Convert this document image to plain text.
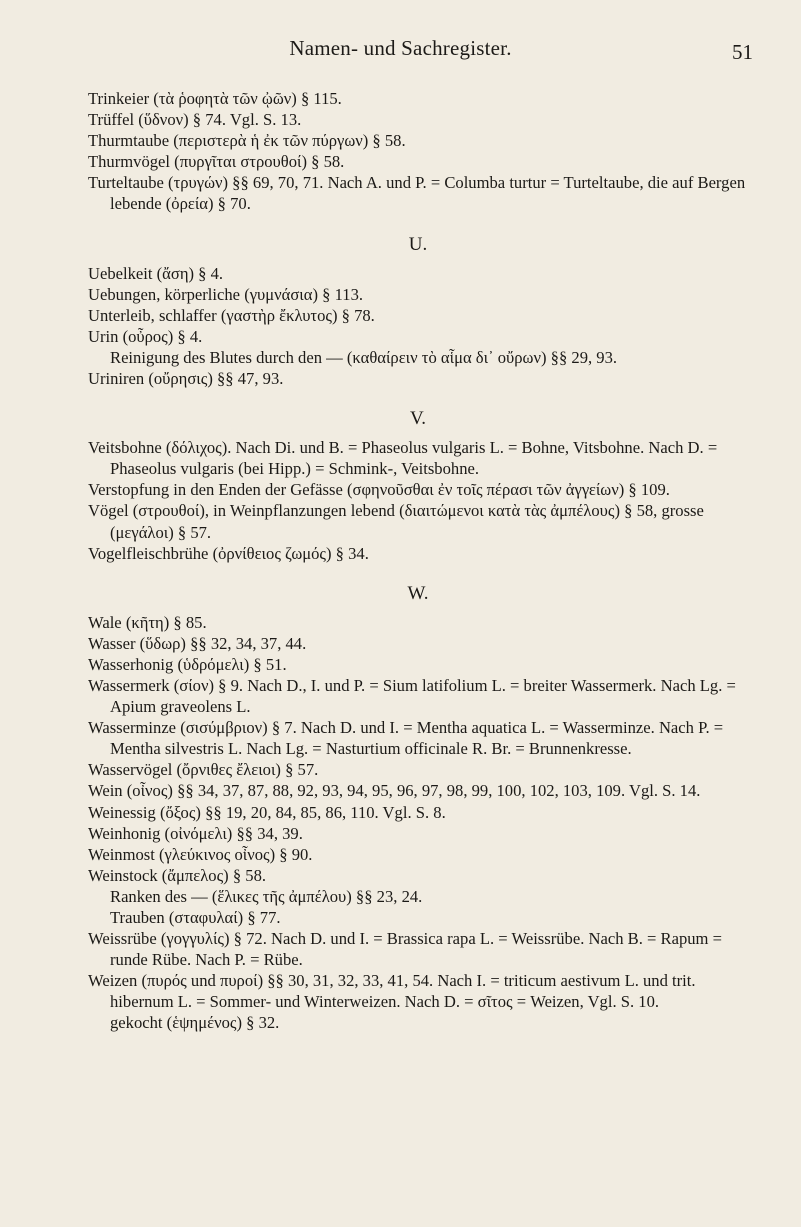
Namen- und Sachregister.	51

Trinkeier (τὰ ῥοφητὰ τῶν ᾠῶν) § 115.

Trüffel (ὕδνον) § 74. Vgl. S. 13.

Thurmtaube (περιστερὰ ἡ ἐκ τῶν πύργων) § 58.

Thurmvögel (πυργῖται στρουθοί) § 58.

Turteltaube (τρυγών) §§ 69, 70, 71. Nach A. und P. = Columba turtur = Turteltaube, die auf Bergen lebende (ὀρεία) § 70.

U.

Uebelkeit (ἄση) § 4.

Uebungen, körperliche (γυμνάσια) § 113.

Unterleib, schlaffer (γαστὴρ ἔκλυτος) § 78.

Urin (οὖρος) § 4.

Reinigung des Blutes durch den — (καθαίρειν τὸ αἷμα δι᾽ οὔρων) §§ 29, 93.

Uriniren (οὔρησις) §§ 47, 93.

V.

Veitsbohne (δόλιχος). Nach Di. und B. = Phaseolus vulgaris L. = Bohne, Vitsbohne. Nach D. = Phaseolus vulgaris (bei Hipp.) = Schmink-, Veitsbohne.

Verstopfung in den Enden der Gefässe (σφηνοῦσθαι ἐν τοῖς πέρασι τῶν ἀγγείων) § 109.

Vögel (στρουθοί), in Weinpflanzungen lebend (διαιτώμενοι κατὰ τὰς ἀμπέλους) § 58, grosse (μεγάλοι) § 57.

Vogelfleischbrühe (ὀρνίθειος ζωμός) § 34.

W.

Wale (κῆτη) § 85.

Wasser (ὕδωρ) §§ 32, 34, 37, 44.

Wasserhonig (ὑδρόμελι) § 51.

Wassermerk (σίον) § 9. Nach D., I. und P. = Sium latifolium L. = breiter Wassermerk. Nach Lg. = Apium graveolens L.

Wasserminze (σισύμβριον) § 7. Nach D. und I. = Mentha aquatica L. = Wasserminze. Nach P. = Mentha silvestris L. Nach Lg. = Nasturtium officinale R. Br. = Brunnenkresse.

Wasservögel (ὄρνιθες ἔλειοι) § 57.

Wein (οἶνος) §§ 34, 37, 87, 88, 92, 93, 94, 95, 96, 97, 98, 99, 100, 102, 103, 109. Vgl. S. 14.

Weinessig (ὄξος) §§ 19, 20, 84, 85, 86, 110. Vgl. S. 8.

Weinhonig (οἰνόμελι) §§ 34, 39.

Weinmost (γλεύκινος οἶνος) § 90.

Weinstock (ἄμπελος) § 58.

Ranken des — (ἕλικες τῆς ἀμπέλου) §§ 23, 24.

Trauben (σταφυλαί) § 77.

Weissrübe (γογγυλίς) § 72. Nach D. und I. = Brassica rapa L. = Weissrübe. Nach B. = Rapum = runde Rübe. Nach P. = Rübe.

Weizen (πυρός und πυροί) §§ 30, 31, 32, 33, 41, 54. Nach I. = triticum aestivum L. und trit. hibernum L. = Sommer- und Winterweizen. Nach D. = σῖτος = Weizen, Vgl. S. 10.

gekocht (ἑψημένος) § 32.
